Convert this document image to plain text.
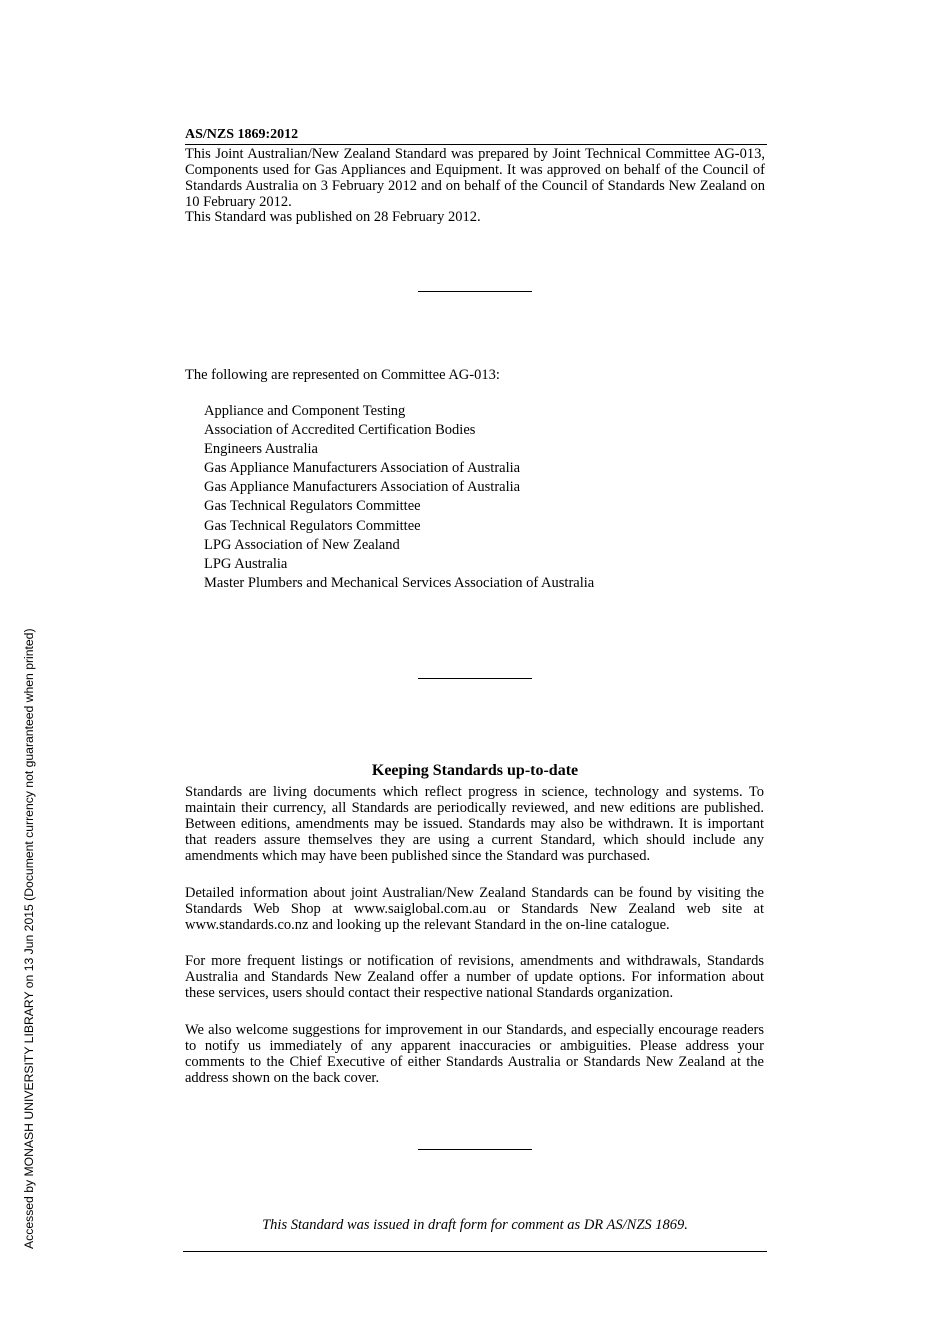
Accessed by MONASH UNIVERSITY LIBRARY on 13 Jun 2015 (Document currency not guaranteed when printed)
AS/NZS 1869:2012

This Joint Australian/New Zealand Standard was prepared by Joint Technical Committee AG-013, Components used for Gas Appliances and Equipment. It was approved on behalf of the Council of Standards Australia on 3 February 2012 and on behalf of the Council of Standards New Zealand on 10 February 2012.

This Standard was published on 28 February 2012.

The following are represented on Committee AG-013:

Appliance and Component Testing
Association of Accredited Certification Bodies
Engineers Australia
Gas Appliance Manufacturers Association of Australia
Gas Appliance Manufacturers Association of Australia
Gas Technical Regulators Committee
Gas Technical Regulators Committee
LPG Association of New Zealand
LPG Australia
Master Plumbers and Mechanical Services Association of Australia
Keeping Standards up-to-date

Standards are living documents which reflect progress in science, technology and systems. To maintain their currency, all Standards are periodically reviewed, and new editions are published. Between editions, amendments may be issued. Standards may also be withdrawn. It is important that readers assure themselves they are using a current Standard, which should include any amendments which may have been published since the Standard was purchased.

Detailed information about joint Australian/New Zealand Standards can be found by visiting the Standards Web Shop at www.saiglobal.com.au or Standards New Zealand web site at www.standards.co.nz and looking up the relevant Standard in the on-line catalogue.

For more frequent listings or notification of revisions, amendments and withdrawals, Standards Australia and Standards New Zealand offer a number of update options. For information about these services, users should contact their respective national Standards organization.

We also welcome suggestions for improvement in our Standards, and especially encourage readers to notify us immediately of any apparent inaccuracies or ambiguities. Please address your comments to the Chief Executive of either Standards Australia or Standards New Zealand at the address shown on the back cover.

This Standard was issued in draft form for comment as DR AS/NZS 1869.
